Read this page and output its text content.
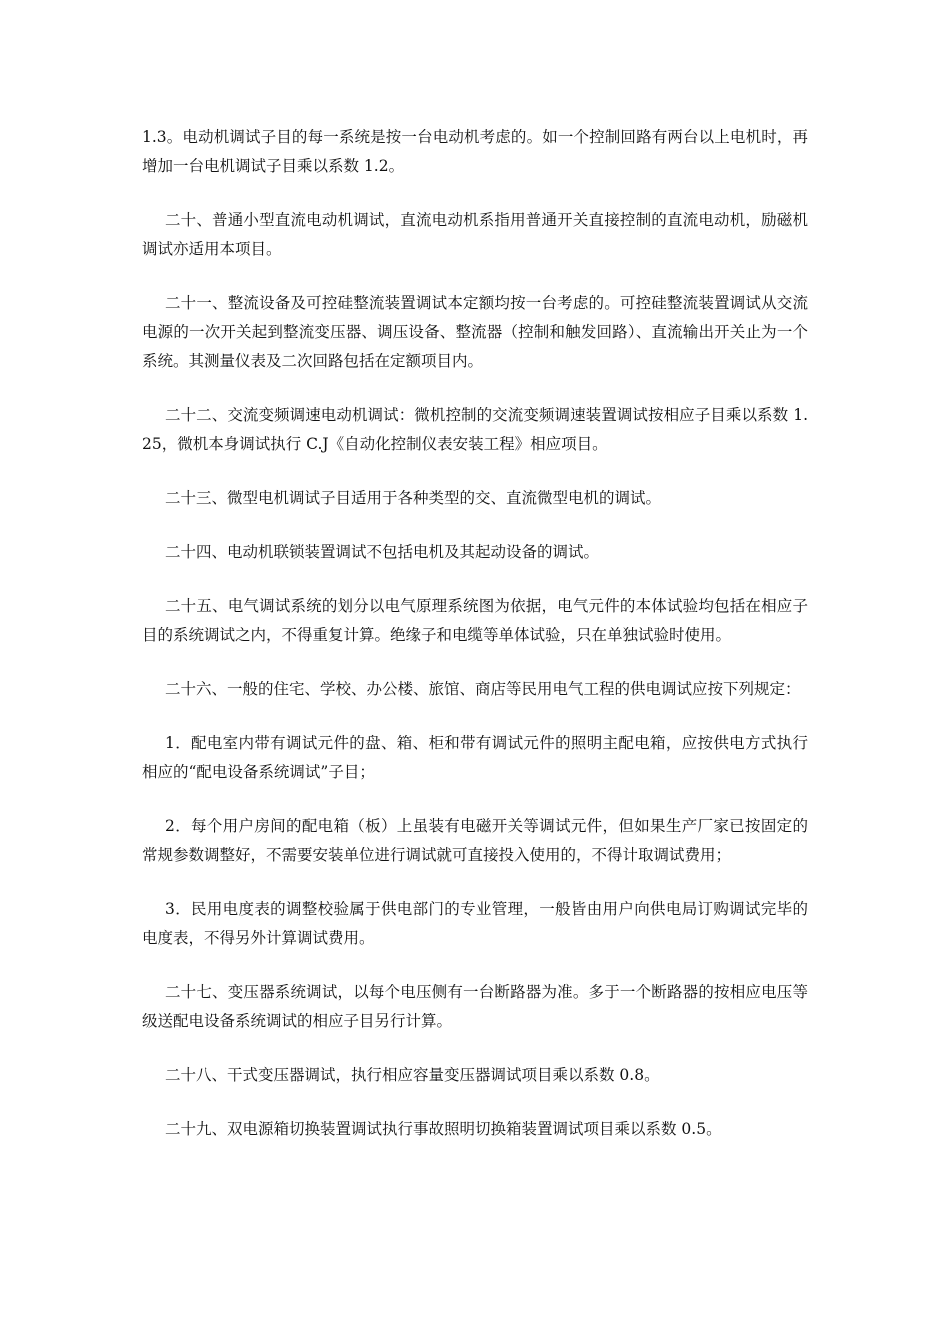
1.3。电动机调试子目的每一系统是按一台电动机考虑的。如一个控制回路有两台以上电机时，再增加一台电机调试子目乘以系数 1.2。

二十、普通小型直流电动机调试，直流电动机系指用普通开关直接控制的直流电动机，励磁机调试亦适用本项目。

二十一、整流设备及可控硅整流装置调试本定额均按一台考虑的。可控硅整流装置调试从交流电源的一次开关起到整流变压器、调压设备、整流器（控制和触发回路）、直流输出开关止为一个系统。其测量仪表及二次回路包括在定额项目内。

二十二、交流变频调速电动机调试：微机控制的交流变频调速装置调试按相应子目乘以系数 1.25，微机本身调试执行 C.J《自动化控制仪表安装工程》相应项目。

二十三、微型电机调试子目适用于各种类型的交、直流微型电机的调试。

二十四、电动机联锁装置调试不包括电机及其起动设备的调试。

二十五、电气调试系统的划分以电气原理系统图为依据，电气元件的本体试验均包括在相应子目的系统调试之内，不得重复计算。绝缘子和电缆等单体试验，只在单独试验时使用。

二十六、一般的住宅、学校、办公楼、旅馆、商店等民用电气工程的供电调试应按下列规定：

1．配电室内带有调试元件的盘、箱、柜和带有调试元件的照明主配电箱，应按供电方式执行相应的“配电设备系统调试”子目；

2．每个用户房间的配电箱（板）上虽装有电磁开关等调试元件，但如果生产厂家已按固定的常规参数调整好，不需要安装单位进行调试就可直接投入使用的，不得计取调试费用；

3．民用电度表的调整校验属于供电部门的专业管理，一般皆由用户向供电局订购调试完毕的电度表，不得另外计算调试费用。

二十七、变压器系统调试，以每个电压侧有一台断路器为准。多于一个断路器的按相应电压等级送配电设备系统调试的相应子目另行计算。

二十八、干式变压器调试，执行相应容量变压器调试项目乘以系数 0.8。

二十九、双电源箱切换装置调试执行事故照明切换箱装置调试项目乘以系数 0.5。
